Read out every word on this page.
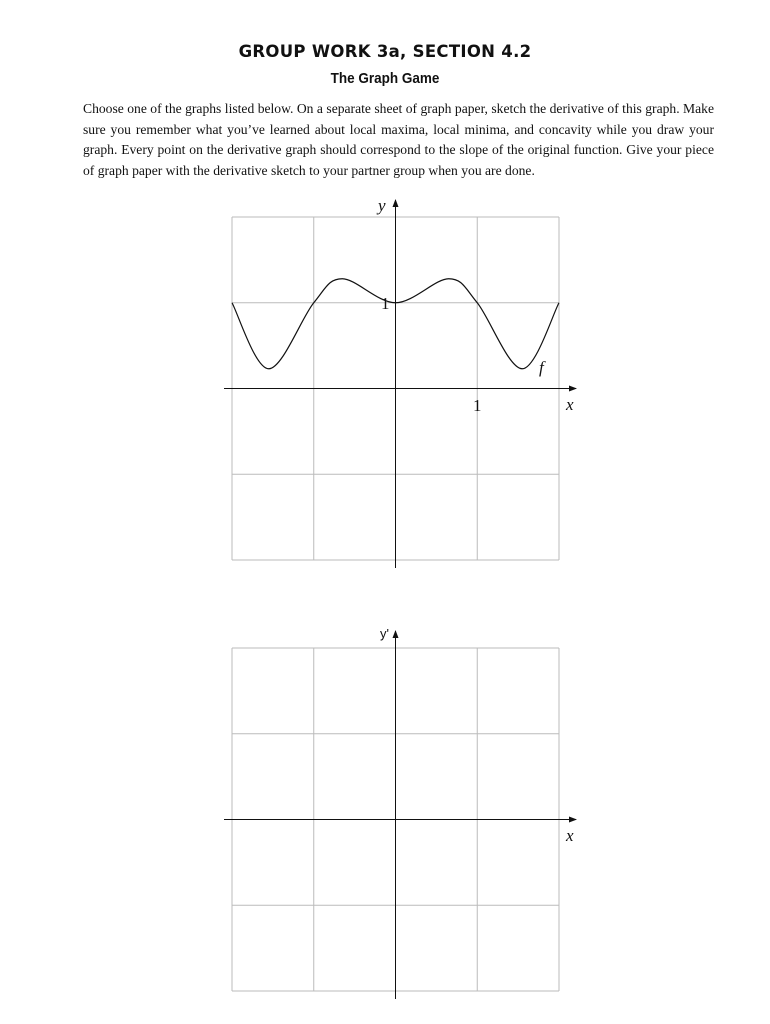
GROUP WORK 3a, SECTION 4.2
The Graph Game
Choose one of the graphs listed below. On a separate sheet of graph paper, sketch the derivative of this graph. Make sure you remember what you’ve learned about local maxima, local minima, and concavity while you draw your graph. Every point on the derivative graph should correspond to the slope of the original function. Give your piece of graph paper with the derivative sketch to your partner group when you are done.
y
x
f
1
1
y'
x
